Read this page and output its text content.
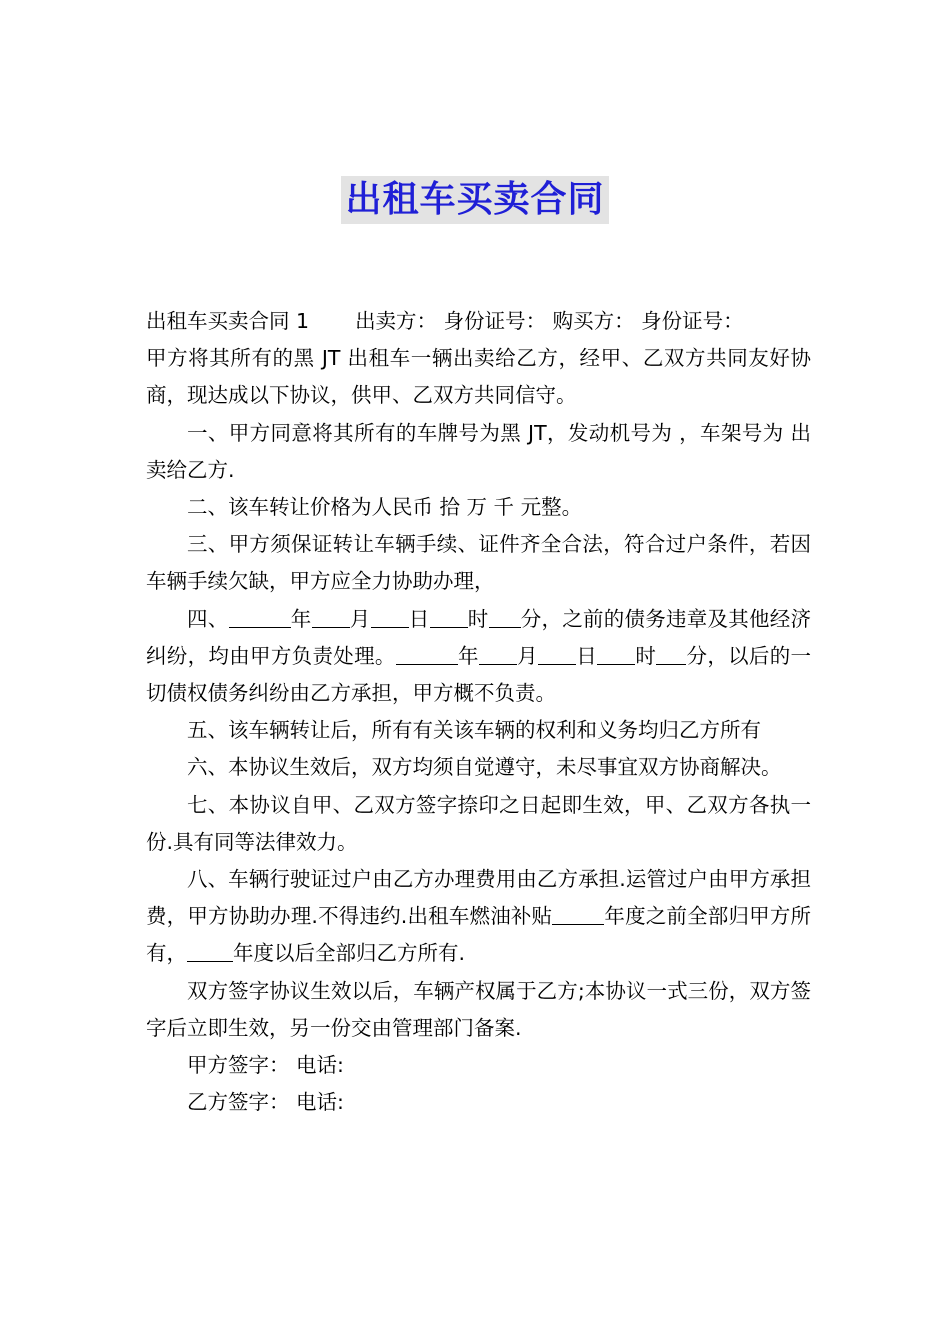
出租车买卖合同

出租车买卖合同 1 出卖方： 身份证号： 购买方： 身份证号：

甲方将其所有的黑 JT 出租车一辆出卖给乙方，经甲、乙双方共同友好协商，现达成以下协议，供甲、乙双方共同信守。

一、甲方同意将其所有的车牌号为黑 JT，发动机号为 ，车架号为 出卖给乙方.

二、该车转让价格为人民币 拾 万 千 元整。

三、甲方须保证转让车辆手续、证件齐全合法，符合过户条件，若因车辆手续欠缺，甲方应全力协助办理，

四、	年 月 日 时 分，之前的债务违章及其他经济纠纷，均由甲方负责处理。	年 月 日 时 分，以后的一切债权债务纠纷由乙方承担，甲方概不负责。

五、该车辆转让后，所有有关该车辆的权利和义务均归乙方所有

六、本协议生效后，双方均须自觉遵守，未尽事宜双方协商解决。

七、本协议自甲、乙双方签字捺印之日起即生效，甲、乙双方各执一份.具有同等法律效力。

八、车辆行驶证过户由乙方办理费用由乙方承担.运管过户由甲方承担费，甲方协助办理.不得违约.出租车燃油补贴	年度之前全部归甲方所有， 年度以后全部归乙方所有.

双方签字协议生效以后，车辆产权属于乙方;本协议一式三份，双方签字后立即生效，另一份交由管理部门备案.

甲方签字： 电话:

乙方签字： 电话:
